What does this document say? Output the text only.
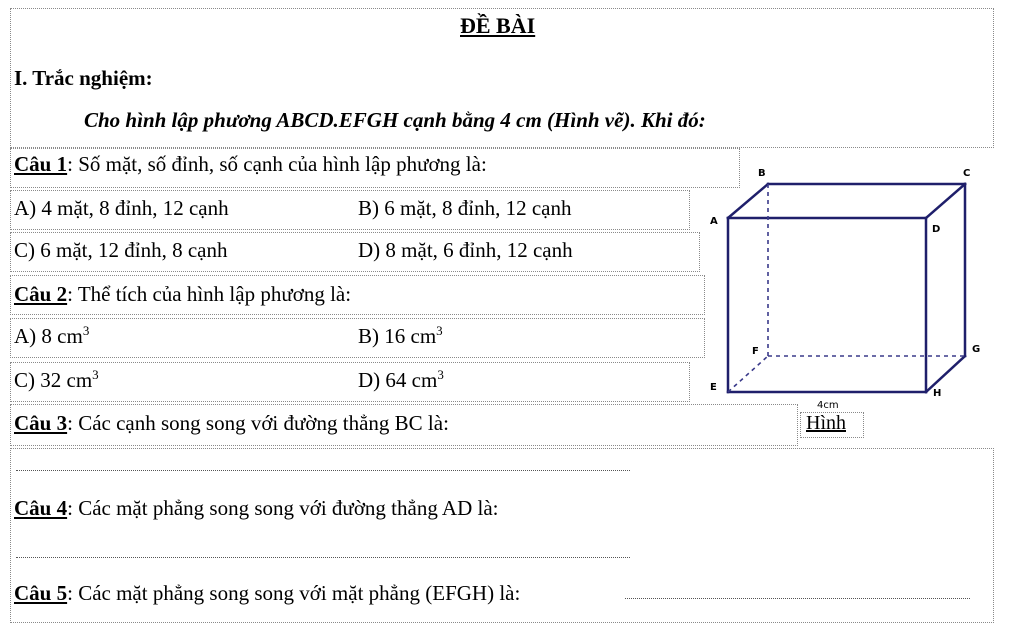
ĐỀ BÀI
I. Trắc nghiệm:
Cho hình lập phương ABCD.EFGH cạnh bằng 4 cm (Hình vẽ). Khi đó:
Câu 1: Số mặt, số đỉnh, số cạnh của hình lập phương là:
A) 4 mặt, 8 đỉnh, 12 cạnh	B) 6 mặt, 8 đỉnh, 12 cạnh
C) 6 mặt, 12 đỉnh, 8 cạnh	D) 8 mặt, 6 đỉnh, 12 cạnh
Câu 2: Thể tích của hình lập phương là:
A) 8 $cm^3$	B) 16 $cm^3$
C) 32 $cm^3$	D) 64 $cm^3$
Câu 3: Các cạnh song song với đường thẳng BC là:
Câu 4: Các mặt phẳng song song với đường thẳng AD là:
Câu 5: Các mặt phẳng song song với mặt phẳng (EFGH) là:
B	C
A
D
F	G
E
H
4cm
Hình
